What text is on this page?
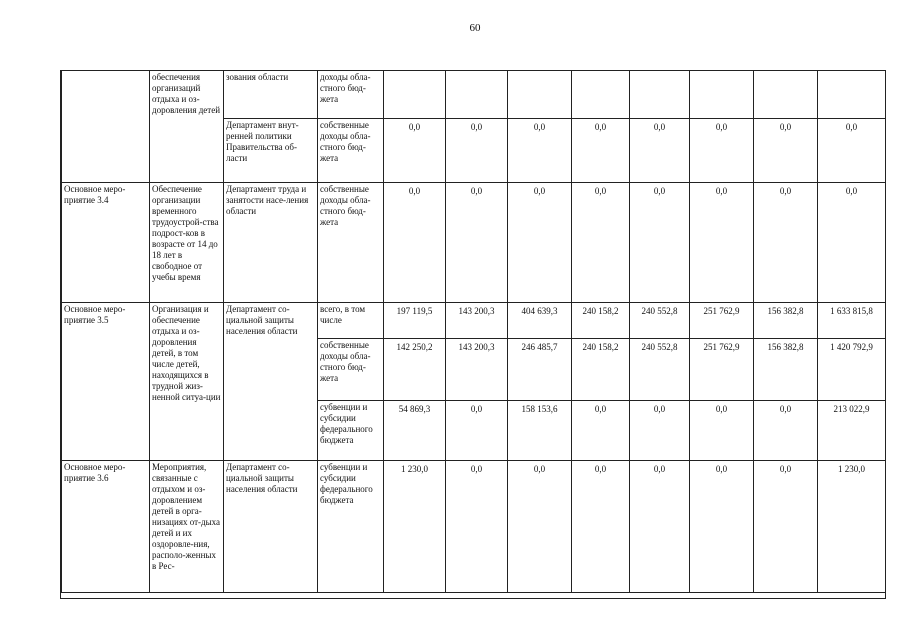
60
	обеспечения организаций отдыха и оз-доровления детей	зования области	доходы обла-стного бюд-жета								
		Департамент внут-ренней политики Правительства об-ласти	собственные доходы обла-стного бюд-жета	0,0	0,0	0,0	0,0	0,0	0,0	0,0	0,0
Основное меро-приятие 3.4	Обеспечение организации временного трудоустрой-ства подрост-ков в возрасте от 14 до 18 лет в свободное от учебы время	Департамент труда и занятости насе-ления области	собственные доходы обла-стного бюд-жета	0,0	0,0	0,0	0,0	0,0	0,0	0,0	0,0
Основное меро-приятие 3.5	Организация и обеспечение отдыха и оз-доровления детей, в том числе детей, находящихся в трудной жиз-ненной ситуа-ции	Департамент со-циальной защиты населения области	всего, в том числе	197 119,5	143 200,3	404 639,3	240 158,2	240 552,8	251 762,9	156 382,8	1 633 815,8
			собственные доходы обла-стного бюд-жета	142 250,2	143 200,3	246 485,7	240 158,2	240 552,8	251 762,9	156 382,8	1 420 792,9
			субвенции и субсидии федерального бюджета	54 869,3	0,0	158 153,6	0,0	0,0	0,0	0,0	213 022,9
Основное меро-приятие 3.6	Мероприятия, связанные с отдыхом и оз-доровлением детей в орга-низациях от-дыха детей и их оздоровле-ния, располо-женных в Рес-	Департамент со-циальной защиты населения области	субвенции и субсидии федерального бюджета	1 230,0	0,0	0,0	0,0	0,0	0,0	0,0	1 230,0
